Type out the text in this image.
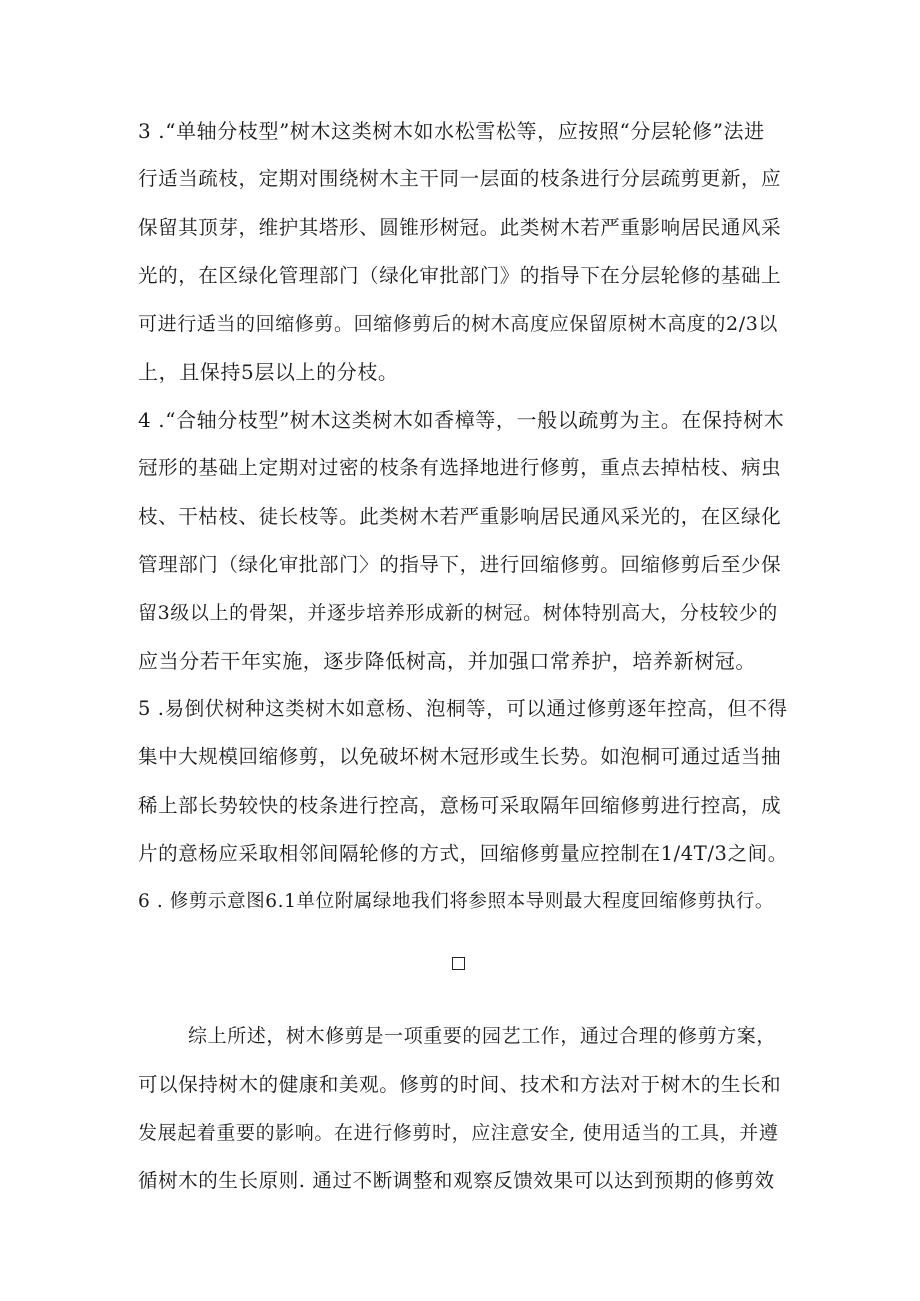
3 .“单轴分枝型”树木这类树木如水松雪松等，应按照“分层轮修”法进
行适当疏枝，定期对围绕树木主干同一层面的枝条进行分层疏剪更新，应
保留其顶芽，维护其塔形、圆锥形树冠。此类树木若严重影响居民通风采
光的，在区绿化管理部门（绿化审批部门》的指导下在分层轮修的基础上
可进行适当的回缩修剪。回缩修剪后的树木高度应保留原树木高度的2/3以
上，且保持5层以上的分枝。
4 .“合轴分枝型”树木这类树木如香樟等，一般以疏剪为主。在保持树木
冠形的基础上定期对过密的枝条有选择地进行修剪，重点去掉枯枝、病虫
枝、干枯枝、徒长枝等。此类树木若严重影响居民通风采光的，在区绿化
管理部门（绿化审批部门〉的指导下，进行回缩修剪。回缩修剪后至少保
留3级以上的骨架，并逐步培养形成新的树冠。树体特别高大，分枝较少的
应当分若干年实施，逐步降低树高，并加强口常养护，培养新树冠。
5 .易倒伏树种这类树木如意杨、泡桐等，可以通过修剪逐年控高，但不得
集中大规模回缩修剪，以免破坏树木冠形或生长势。如泡桐可通过适当抽
稀上部长势较快的枝条进行控高，意杨可采取隔年回缩修剪进行控高，成
片的意杨应采取相邻间隔轮修的方式，回缩修剪量应控制在1/4T/3之间。
6 . 修剪示意图6.1单位附属绿地我们将参照本导则最大程度回缩修剪执行。
综上所述，树木修剪是一项重要的园艺工作，通过合理的修剪方案，
可以保持树木的健康和美观。修剪的时间、技术和方法对于树木的生长和
发展起着重要的影响。在进行修剪时，应注意安全, 使用适当的工具，并遵
循树木的生长原则. 通过不断调整和观察反馈效果可以达到预期的修剪效
